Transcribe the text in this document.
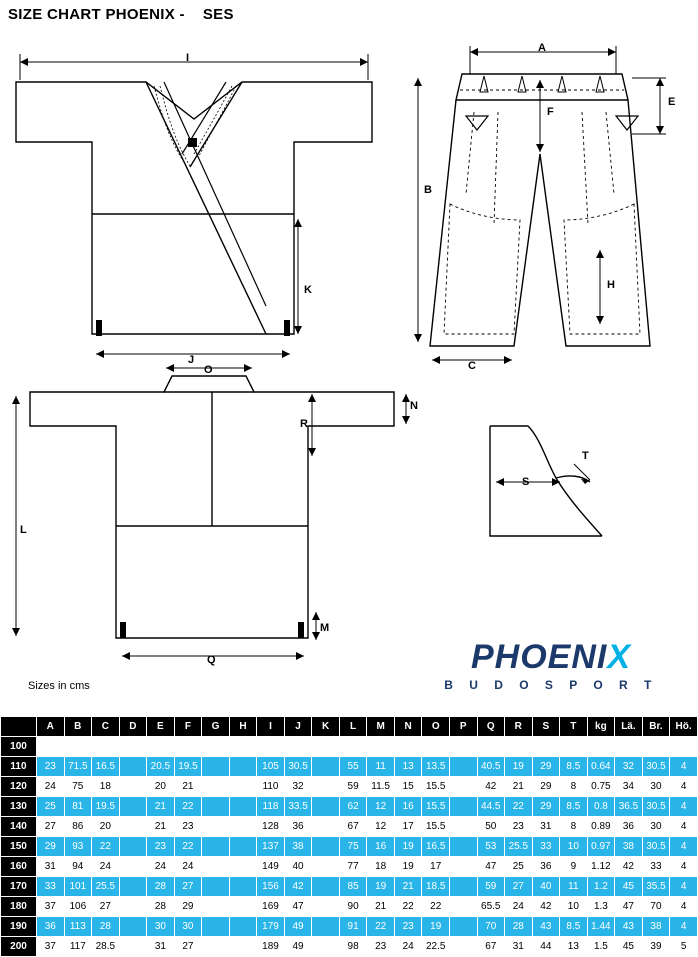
SIZE CHART PHOENIX - SES
I
J
K
A
B
C
E
F
H
O
N
R
L
M
Q
S
T
Sizes in cms
PHOENIX
B U D O S P O R T
	A	B	C	D	E	F	G	H	I	J	K	L	M	N	O	P	Q	R	S	T	kg	Lä.	Br.	Hö.
100																								
110	23	71.5	16.5		20.5	19.5			105	30.5		55	11	13	13.5		40.5	19	29	8.5	0.64	32	30.5	4
120	24	75	18		20	21			110	32		59	11.5	15	15.5		42	21	29	8	0.75	34	30	4
130	25	81	19.5		21	22			118	33.5		62	12	16	15.5		44.5	22	29	8.5	0.8	36.5	30.5	4
140	27	86	20		21	23			128	36		67	12	17	15.5		50	23	31	8	0.89	36	30	4
150	29	93	22		23	22			137	38		75	16	19	16.5		53	25.5	33	10	0.97	38	30.5	4
160	31	94	24		24	24			149	40		77	18	19	17		47	25	36	9	1.12	42	33	4
170	33	101	25.5		28	27			156	42		85	19	21	18.5		59	27	40	11	1.2	45	35.5	4
180	37	106	27		28	29			169	47		90	21	22	22		65.5	24	42	10	1.3	47	70	4
190	36	113	28		30	30			179	49		91	22	23	19		70	28	43	8.5	1.44	43	38	4
200	37	117	28.5		31	27			189	49		98	23	24	22.5		67	31	44	13	1.5	45	39	5
